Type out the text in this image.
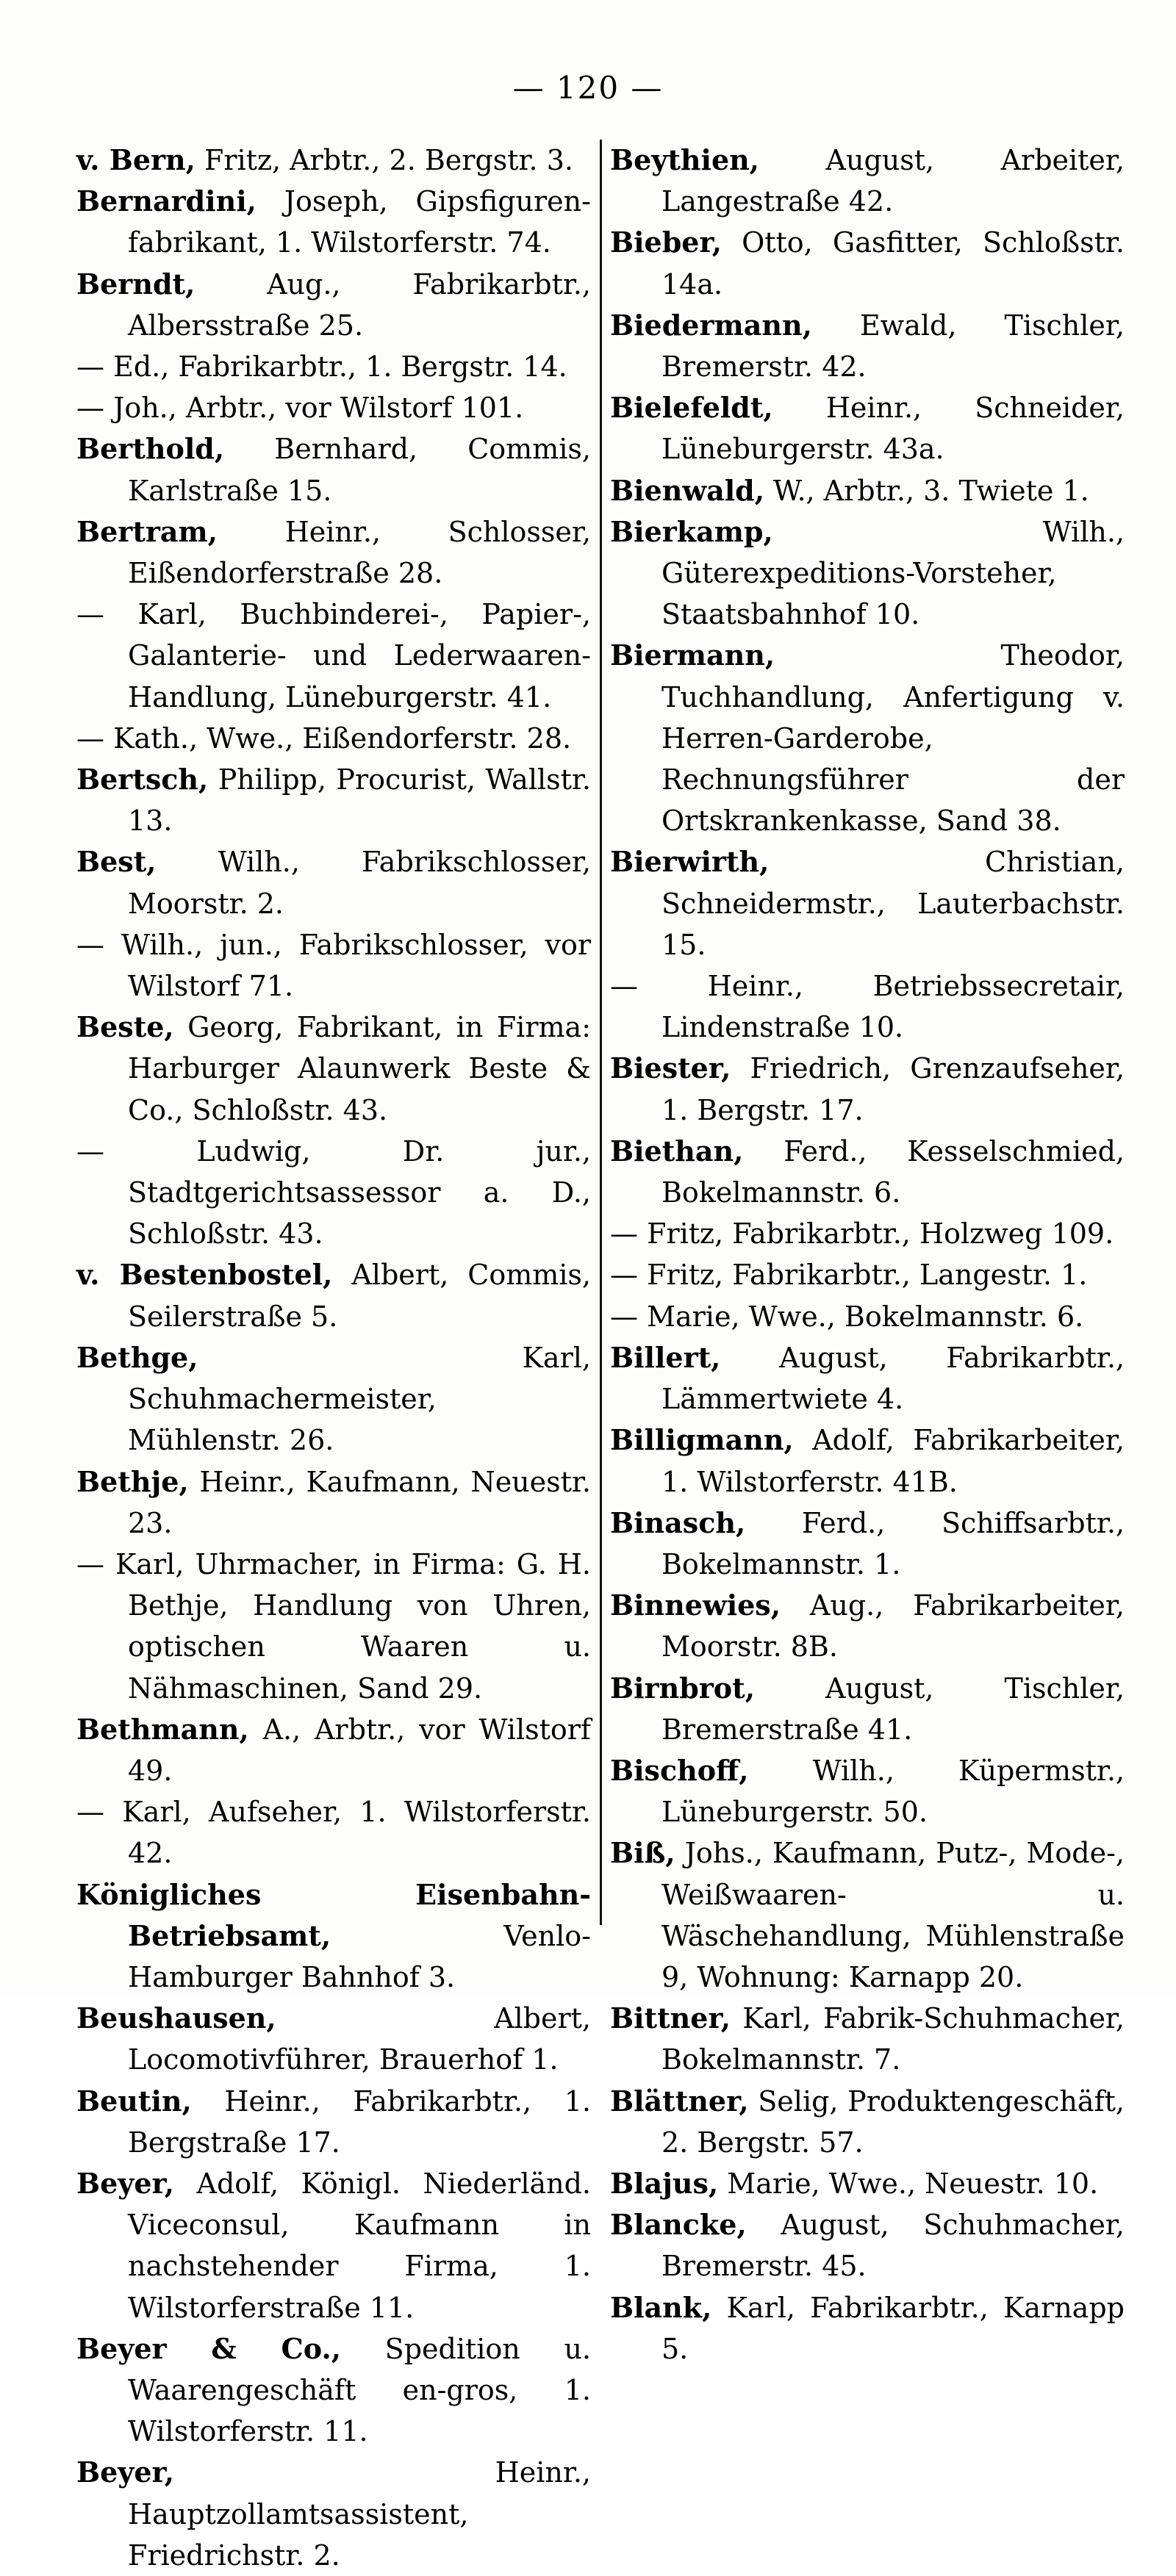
— 120 —

v. Bern, Fritz, Arbtr., 2. Bergstr. 3.

Bernardini, Joseph, Gipsfiguren-fabrikant, 1. Wilstorferstr. 74.

Berndt,	Aug., Fabrikarbtr., Albersstraße 25.

— Ed., Fabrikarbtr., 1. Bergstr. 14.

— Joh., Arbtr., vor Wilstorf 101.

Berthold, Bernhard, Commis, Karlstraße 15.

Bertram, Heinr., Schlosser, Eißendorferstraße 28.

— Karl, Buchbinderei-, Papier-, Galanterie- und Lederwaaren-Handlung, Lüneburgerstr. 41.

— Kath., Wwe., Eißendorferstr. 28.

Bertsch, Philipp, Procurist, Wallstr. 13.

Best, Wilh., Fabrikschlosser, Moorstr. 2.

— Wilh., jun., Fabrikschlosser, vor Wilstorf 71.

Beste, Georg, Fabrikant, in Firma: Harburger Alaunwerk Beste & Co., Schloßstr. 43.

— Ludwig, Dr. jur., Stadtgerichtsassessor a. D., Schloßstr. 43.

v. Bestenbostel, Albert, Commis, Seilerstraße 5.

Bethge,	Karl, Schuhmachermeister, Mühlenstr. 26.

Bethje, Heinr., Kaufmann, Neuestr. 23.

— Karl, Uhrmacher, in Firma: G. H. Bethje, Handlung von Uhren, optischen Waaren u. Nähmaschinen, Sand 29.

Bethmann, A., Arbtr., vor Wilstorf 49.

— Karl, Aufseher, 1. Wilstorferstr. 42.

Königliches Eisenbahn-Betriebsamt,	Venlo-Hamburger Bahnhof 3.

Beushausen,	Albert, Locomotivführer, Brauerhof 1.

Beutin, Heinr., Fabrikarbtr., 1. Bergstraße 17.

Beyer, Adolf, Königl. Niederländ. Viceconsul, Kaufmann in nachstehender Firma, 1. Wilstorferstraße 11.

Beyer & Co., Spedition u. Waarengeschäft en-gros, 1. Wilstorferstr. 11.

Beyer,	Heinr., Hauptzollamtsassistent, Friedrichstr. 2.

Beythien, August, Arbeiter, Langestraße 42.

Bieber, Otto, Gasfitter, Schloßstr. 14a.

Biedermann, Ewald, Tischler, Bremerstr. 42.

Bielefeldt, Heinr., Schneider, Lüneburgerstr. 43a.

Bienwald, W., Arbtr., 3. Twiete 1.

Bierkamp,	Wilh., Güterexpeditions-Vorsteher, Staatsbahnhof 10.

Biermann,	Theodor, Tuchhandlung, Anfertigung v. Herren-Garderobe, Rechnungsführer der Ortskrankenkasse, Sand 38.

Bierwirth,	Christian, Schneidermstr., Lauterbachstr. 15.

— Heinr., Betriebssecretair, Lindenstraße 10.

Biester, Friedrich, Grenzaufseher, 1. Bergstr. 17.

Biethan, Ferd., Kesselschmied, Bokelmannstr. 6.

— Fritz, Fabrikarbtr., Holzweg 109.

— Fritz, Fabrikarbtr., Langestr. 1.

— Marie, Wwe., Bokelmannstr. 6.

Billert, August, Fabrikarbtr., Lämmertwiete 4.

Billigmann, Adolf, Fabrikarbeiter, 1. Wilstorferstr. 41B.

Binasch, Ferd., Schiffsarbtr., Bokelmannstr. 1.

Binnewies, Aug., Fabrikarbeiter, Moorstr. 8B.

Birnbrot,	August, Tischler, Bremerstraße 41.

Bischoff, Wilh., Küpermstr., Lüneburgerstr. 50.

Biß, Johs., Kaufmann, Putz-, Mode-, Weißwaaren- u. Wäschehandlung, Mühlenstraße 9, Wohnung: Karnapp 20.

Bittner, Karl, Fabrik-Schuhmacher, Bokelmannstr. 7.

Blättner, Selig, Produktengeschäft, 2. Bergstr. 57.

Blajus, Marie, Wwe., Neuestr. 10.

Blancke, August, Schuhmacher, Bremerstr. 45.

Blank, Karl, Fabrikarbtr., Karnapp 5.
